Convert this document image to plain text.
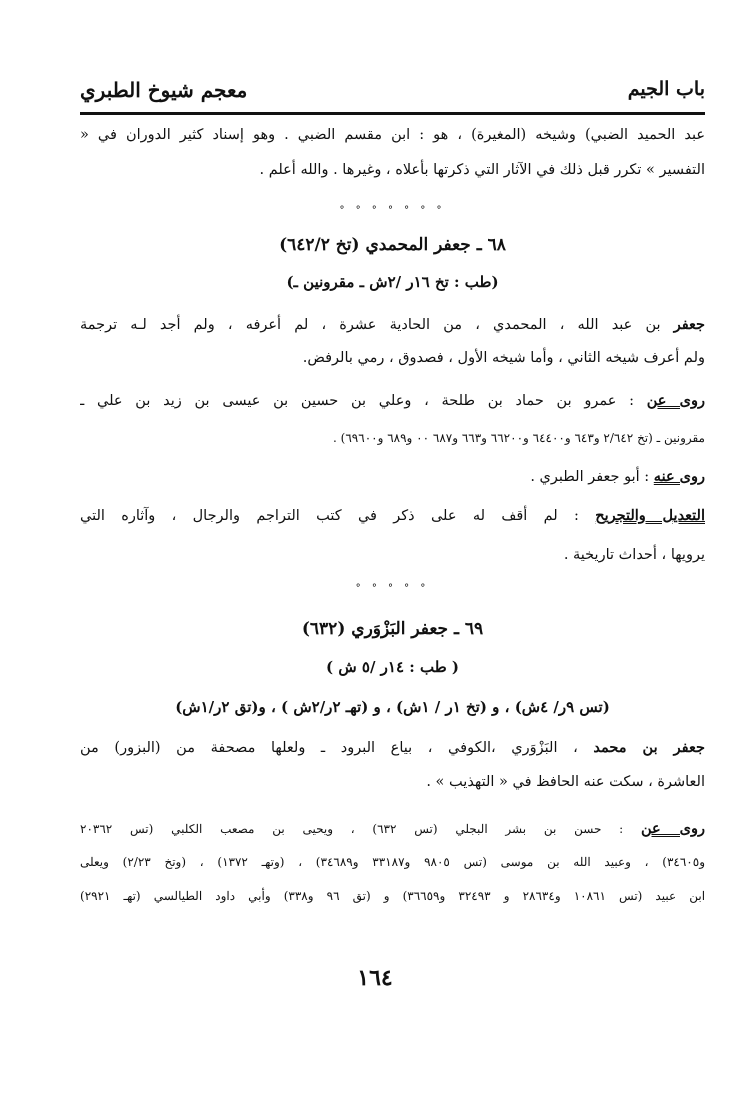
باب الجيم
معجم شيوخ الطبري
عبد الحميد الضبي) وشيخه (المغيرة) ، هو : ابن مقسم الضبي . وهو إسناد كثير الدوران في «
التفسير » تكرر قبل ذلك في الآثار التي ذكرتها بأعلاه ، وغيرها . والله أعلم .
° ° ° ° ° ° °
٦٨ ـ جعفر المحمدي (تخ ٦٤٢/٢)
(طب : تخ ١٦ر /٢ش ـ مقرونين ـ)
جعفر بن عبد الله ، المحمدي ، من الحادية عشرة ، لم أعرفه ، ولم أجد لـه ترجمة
ولم أعرف شيخه الثاني ، وأما شيخه الأول ، فصدوق ، رمي بالرفض.
روى عن : عمرو بن حماد بن طلحة ، وعلي بن حسين بن عيسى بن زيد بن علي ـ
مقرونين ـ (تخ ٢/٦٤٢ و٦٤٣ و٦٤٤٠٠ و٦٦٢٠٠ و٦٦٣ و٦٨٧ ٠٠ و٦٨٩ و٦٩٦٠٠) .
روى عنه : أبو جعفر الطبري .
التعديل والتجريح : لم أقف له على ذكر في كتب التراجم والرجال ، وآثاره التي
يرويها ، أحداث تاريخية .
° ° ° ° °
٦٩ ـ جعفر البَزْوَري (٦٣٢)
( طب : ١٤ر /٥ ش )
(تس ٩ر/ ٤ش) ، و (تخ ١ر / ١ش) ، و (تهـ ٢ر/٢ش ) ، و(تق ٢ر/١ش)
جعفر بن محمد ، البَزْوَري ،الكوفي ، بياع البرود ـ ولعلها مصحفة من (البزور) من
العاشرة ، سكت عنه الحافظ في « التهذيب » .
روى عن : حسن بن بشر البجلي (تس ٦٣٢) ، ويحيى بن مصعب الكلبي (تس ٢٠٣٦٢
و٣٤٦٠٥) ، وعبيد الله بن موسى (تس ٩٨٠٥ و٣٣١٨٧ و٣٤٦٨٩) ، (وتهـ ١٣٧٢) ، (وتخ ٢/٢٣) ويعلى
ابن عبيد (تس ١٠٨٦١ و٢٨٦٣٤ و ٣٢٤٩٣ و٣٦٦٥٩) و (تق ٩٦ و٣٣٨) وأبي داود الطيالسي (تهـ ٢٩٢١)
١٦٤
